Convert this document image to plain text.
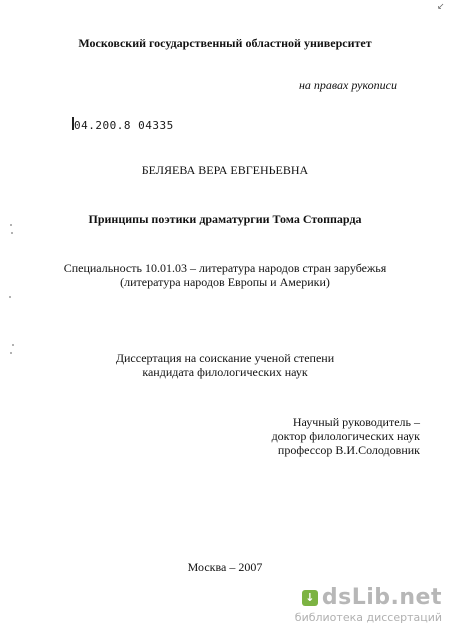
↙
Московский государственный областной университет
на правах рукописи
04.200.8 04335
БЕЛЯЕВА ВЕРА ЕВГЕНЬЕВНА
Принципы поэтики драматургии Тома Стоппарда
Специальность 10.01.03 – литература народов стран зарубежья
(литература народов Европы и Америки)
Диссертация на соискание ученой степени
кандидата филологических наук
Научный руководитель –
доктор филологических наук
профессор В.И.Солодовник
Москва – 2007
↓ dsLib.net
библиотека диссертаций
